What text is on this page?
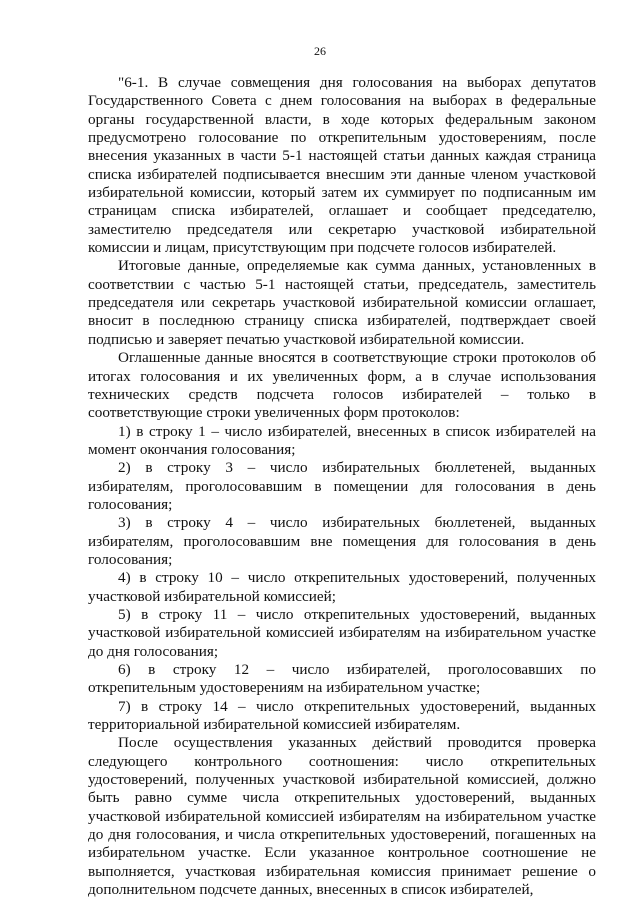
26

"6-1. В случае совмещения дня голосования на выборах депутатов Государственного Совета с днем голосования на выборах в федеральные органы государственной власти, в ходе которых федеральным законом предусмотрено голосование по открепительным удостоверениям, после внесения указанных в части 5-1 настоящей статьи данных каждая страница списка избирателей подписывается внесшим эти данные членом участковой избирательной комиссии, который затем их суммирует по подписанным им страницам списка избирателей, оглашает и сообщает председателю, заместителю председателя или секретарю участковой избирательной комиссии и лицам, присутствующим при подсчете голосов избирателей.

Итоговые данные, определяемые как сумма данных, установленных в соответствии с частью 5-1 настоящей статьи, председатель, заместитель председателя или секретарь участковой избирательной комиссии оглашает, вносит в последнюю страницу списка избирателей, подтверждает своей подписью и заверяет печатью участковой избирательной комиссии.

Оглашенные данные вносятся в соответствующие строки протоколов об итогах голосования и их увеличенных форм, а в случае использования технических средств подсчета голосов избирателей – только в соответствующие строки увеличенных форм протоколов:

1) в строку 1 – число избирателей, внесенных в список избирателей на момент окончания голосования;

2) в строку 3 – число избирательных бюллетеней, выданных избирателям, проголосовавшим в помещении для голосования в день голосования;

3) в строку 4 – число избирательных бюллетеней, выданных избирателям, проголосовавшим вне помещения для голосования в день голосования;

4) в строку 10 – число открепительных удостоверений, полученных участковой избирательной комиссией;

5) в строку 11 – число открепительных удостоверений, выданных участковой избирательной комиссией избирателям на избирательном участке до дня голосования;

6) в строку 12 – число избирателей, проголосовавших по открепительным удостоверениям на избирательном участке;

7) в строку 14 – число открепительных удостоверений, выданных территориальной избирательной комиссией избирателям.

После осуществления указанных действий проводится проверка следующего контрольного соотношения: число открепительных удостоверений, полученных участковой избирательной комиссией, должно быть равно сумме числа открепительных удостоверений, выданных участковой избирательной комиссией избирателям на избирательном участке до дня голосования, и числа открепительных удостоверений, погашенных на избирательном участке. Если указанное контрольное соотношение не выполняется, участковая избирательная комиссия принимает решение о дополнительном подсчете данных, внесенных в список избирателей,
